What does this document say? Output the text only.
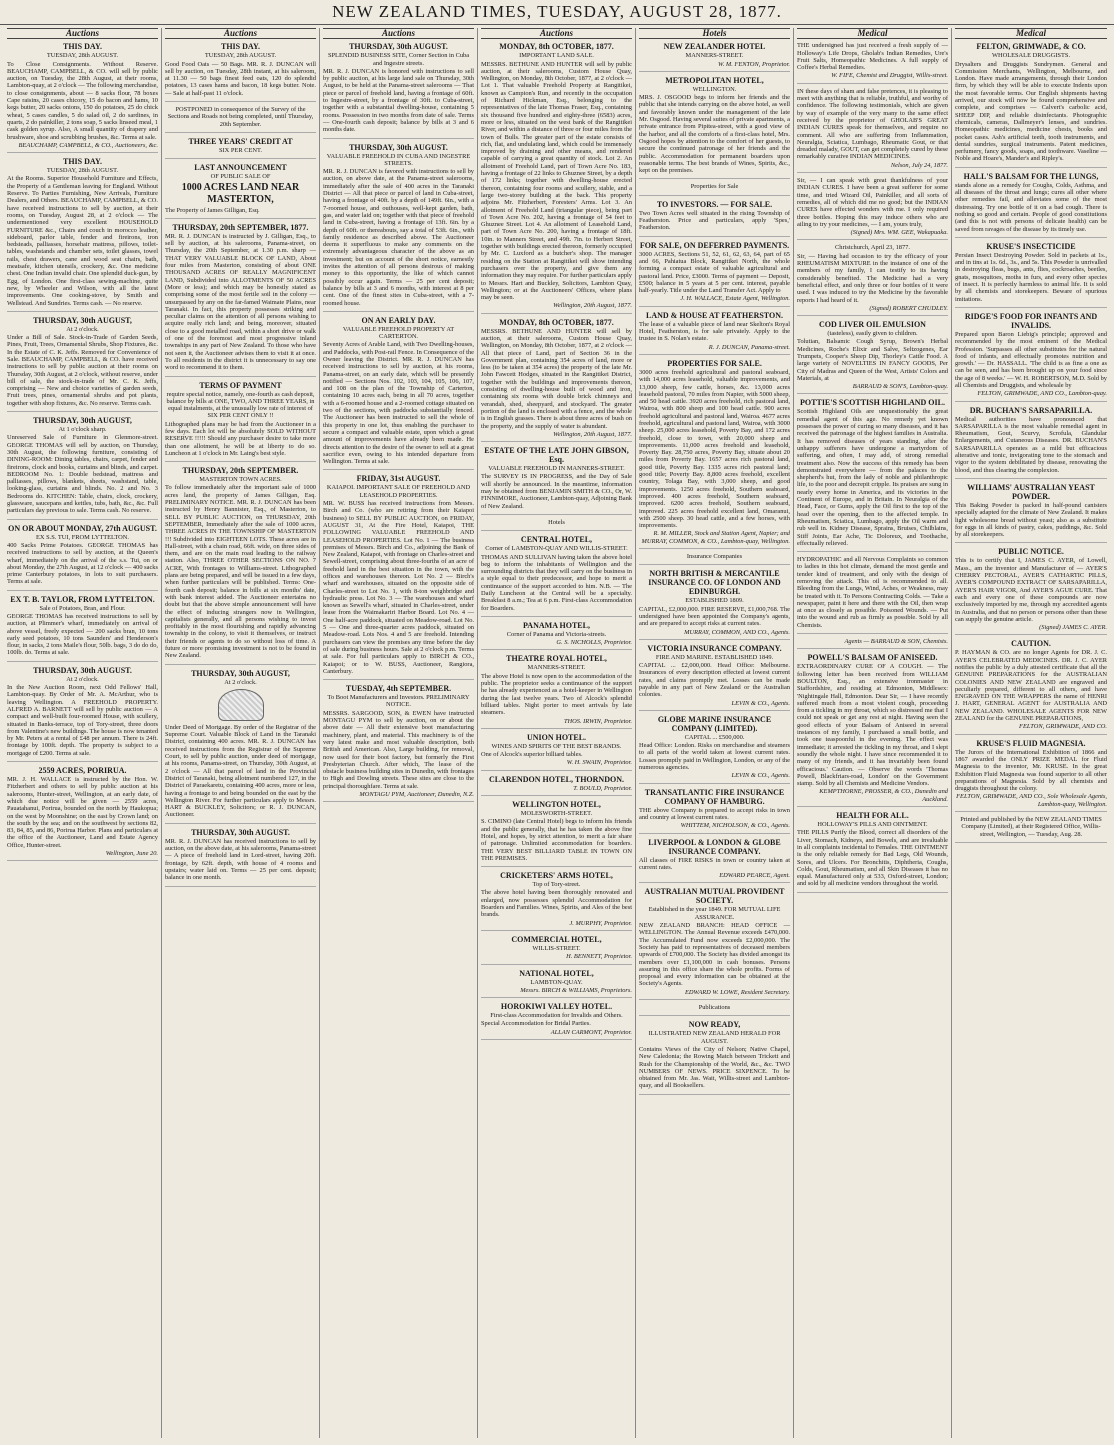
NEW ZEALAND TIMES, TUESDAY, AUGUST 28, 1877.
Auctions
THIS DAY.
TUESDAY, 28th AUGUST.

To Close Consignments. Without Reserve. BEAUCHAMP, CAMPBELL, & CO. will sell by public auction, on Tuesday, the 28th August, at their rooms, Lambton-quay, at 2 o'clock — The following merchandise, to close consignments, about — 8 sacks flour, 78 boxes Cape raisins, 20 cases chicory, 15 do bacon and hams, 10 kegs butter, 20 sacks onions, 150 do potatoes, 25 do chick wheat, 5 cases candles, 5 do salad oil, 2 do sardines, in quarts, 2 do painkiller, 2 tons soap, 5 sacks linseed meal, 1 cask golden syrup. Also, A small quantity of drapery and brushware, shoe and scrubbing brushes, &c. Terms at sale.

BEAUCHAMP, CAMPBELL, & CO., Auctioneers, &c.
THIS DAY.
TUESDAY, 28th AUGUST.

At the Rooms. Superior Household Furniture and Effects, the Property of a Gentleman leaving for England. Without Reserve. To Parties Furnishing, New Arrivals, Furniture Dealers, and Others. BEAUCHAMP, CAMPBELL, & CO. have received instructions to sell by auction, at their rooms, on Tuesday, August 28, at 2 o'clock — The undermentioned very excellent HOUSEHOLD FURNITURE &c., Chairs and couch in morocco leather, sideboard, parlor table, fender and fireirons, iron bedsteads, palliasses, horsehair mattress, pillows, toilet-tables, washstands and chamber sets, toilet glasses, towel rails, chest drawers, cane and wood seat chairs, bath, meatsafe, kitchen utensils, crockery, &c. One medicine chest. One Indian invalid chair. One splendid duck-gun, by Egg, of London. One first-class sewing-machine, quite new, by Wheeler and Wilson, with all the latest improvements. One cooking-stove, by Smith and Wellstead. And Sundries. Terms cash. — No reserve.

THURSDAY, 30th AUGUST,
At 2 o'clock.

Under a Bill of Sale. Stock-in-Trade of Garden Seeds, Pines, Fruit, Trees, Ornamental Shrubs, Shop Fixtures, &c. In the Estate of C. K. Jeffs. Removed for Convenience of Sale. BEAUCHAMP, CAMPBELL, & CO. have received instructions to sell by public auction at their rooms on Thursday, 30th August, at 2 o'clock, without reserve, under bill of sale, the stock-in-trade of Mr. C. K. Jeffs, comprising — New and choice varieties of garden seeds, Fruit trees, pines, ornamental shrubs and pot plants, together with shop fixtures, &c. No reserve. Terms cash.

THURSDAY, 30th AUGUST,
At 1 o'clock sharp.

Unreserved Sale of Furniture in Glenmore-street. GEORGE THOMAS will sell by auction, on Thursday, 30th August, the following furniture, consisting of DINING-ROOM: Dining tables, chairs, carpet, fender and fireirons, clock and books, curtains and blinds, and carpet. BEDROOM No. 1: Double bedstead, mattress and palliasses, pillows, blankets, sheets, washstand, table, looking-glass, curtains and blinds. No. 2 and No. 3 Bedrooms do. KITCHEN: Table, chairs, clock, crockery, glassware, saucepans and kettles, tubs, bath, &c., &c. Full particulars day previous to sale. Terms cash. No reserve.

ON OR ABOUT MONDAY, 27th AUGUST.
EX S.S. TUI, FROM LYTTELTON.

400 Sacks Prime Potatoes. GEORGE THOMAS has received instructions to sell by auction, at the Queen's wharf, immediately on the arrival of the s.s. Tui, on or about Monday, the 27th August, at 12 o'clock — 400 sacks prime Canterbury potatoes, in lots to suit purchasers. Terms at sale.

EX T. B. TAYLOR, FROM LYTTELTON.
Sale of Potatoes, Bran, and Flour.

GEORGE THOMAS has received instructions to sell by auction, at Plimmer's wharf, immediately on arrival of above vessel, freely expected — 200 sacks bran, 10 tons early seed potatoes, 10 tons Saunders' and Henderson's flour, in sacks, 2 tons Maile's flour, 50lb. bags, 3 do do do, 100lb. do. Terms at sale.

THURSDAY, 30th AUGUST.
At 2 o'clock.

In the New Auction Room, next Odd Fellows' Hall, Lambton-quay. By Order of Mr. A. McArthur, who is leaving Wellington. A FREEHOLD PROPERTY. ALFRED A. BARNETT will sell by public auction — A compact and well-built four-roomed House, with scullery, situated in Banks-terrace, top of Tory-street, three doors from Valentine's new buildings. The house is now tenanted by Mr. Peters at a rental of £48 per annum. There is 24ft. frontage by 100ft. depth. The property is subject to a mortgage of £200. Terms at sale.

2559 ACRES, PORIRUA.

MR. J. H. WALLACE is instructed by the Hon. W. Fitzherbert and others to sell by public auction at his salerooms, Hunter-street, Wellington, at an early date, of which due notice will be given — 2559 acres, Pauatahanui, Porirua, bounded on the north by Haukopua; on the west by Moonshine; on the east by Crown land; on the south by the sea; and on the southwest by sections 82, 83, 84, 85, and 86, Porirua Harbor. Plans and particulars at the office of the Auctioneer, Land and Estate Agency Office, Hunter-street.

Wellington, June 20.
Auctions
THIS DAY.
TUESDAY, 28th AUGUST.

Good Food Oats — 50 Bags. MR. R. J. DUNCAN will sell by auction, on Tuesday, 28th instant, at his saleroom, at 11.30 — 50 bags finest feed oats, 120 do splendid potatoes, 13 cases hams and bacon, 18 kegs butter. Note. — Sale at half-past 11 o'clock.

POSTPONED in consequence of the Survey of the Sections and Roads not being completed, until Thursday, 20th September.
THREE YEARS' CREDIT AT
SIX PER CENT.
LAST ANNOUNCEMENT
OF PUBLIC SALE OF
1000 ACRES LAND NEAR MASTERTON,

The Property of James Gilligan, Esq.

THURSDAY, 20th SEPTEMBER, 1877.

MR. R. J. DUNCAN is instructed by J. Gilligan, Esq., to sell by auction, at his salerooms, Panama-street, on Thursday, the 20th September, at 1.30 p.m. sharp — THAT VERY VALUABLE BLOCK OF LAND, About four miles from Masterton, consisting of about ONE THOUSAND ACRES OF REALLY MAGNIFICENT LAND, Subdivided into ALLOTMENTS OF 50 ACRES (More or less); and which may be honestly stated as comprising some of the most fertile soil in the colony — unsurpassed by any on the far-famed Waimate Plains, near Taranaki. In fact, this property possesses striking and peculiar claims on the attention of all persons wishing to acquire really rich land; and being, moreover, situated close to a good metalled road, within a short drive or walk of one of the foremost and most progressive inland townships in any part of New Zealand. To those who have not seen it, the Auctioneer advises them to visit it at once. To all residents in the district it is unnecessary to say one word to recommend it to them.

TERMS OF PAYMENT
require special notice, namely, one-fourth as cash deposit, balance by bills at ONE, TWO, AND THREE YEARS, in equal instalments, at the unusually low rate of interest of SIX PER CENT ONLY !!

Lithographed plans may be had from the Auctioneer in a few days. Each lot will be absolutely SOLD WITHOUT RESERVE !!!!! Should any purchaser desire to take more than one allotment, he will be at liberty to do so. Luncheon at 1 o'clock in Mr. Laing's best style.

THURSDAY, 20th SEPTEMBER.
MASTERTON TOWN ACRES.

To follow immediately after the important sale of 1000 acres land, the property of James Gilligan, Esq. PRELIMINARY NOTICE. MR. R. J. DUNCAN has been instructed by Henry Bannister, Esq., of Masterton, to SELL BY PUBLIC AUCTION, on THURSDAY, 20th SEPTEMBER, Immediately after the sale of 1000 acres, THREE ACRES IN THE TOWNSHIP OF MASTERTON !!! Subdivided into EIGHTEEN LOTS. These acres are in Hall-street, with a chain road, 66ft. wide, on three sides of them, and are on the main road leading to the railway station. Also, THREE OTHER SECTIONS ON NO. 7 ACRE, With frontages to Williams-street. Lithographed plans are being prepared, and will be issued in a few days, when further particulars will be published. Terms: One-fourth cash deposit; balance in bills at six months' date, with bank interest added. The Auctioneer entertains no doubt but that the above simple announcement will have the effect of inducing strangers now in Wellington, capitalists generally, and all persons wishing to invest profitably in the most flourishing and rapidly advancing township in the colony, to visit it themselves, or instruct their friends or agents to do so without loss of time. A future or more promising investment is not to be found in New Zealand.

THURSDAY, 30th AUGUST,
At 2 o'clock.

Under Deed of Mortgage. By order of the Registrar of the Supreme Court. Valuable Block of Land in the Taranaki District, containing 400 acres. MR. R. J. DUNCAN has received instructions from the Registrar of the Supreme Court, to sell by public auction, under deed of mortgage, at his rooms, Panama-street, on Thursday, 30th August, at 2 o'clock — All that parcel of land in the Provincial District of Taranaki, being allotment numbered 127, in the District of Paraekaretu, containing 400 acres, more or less, having a frontage to and being bounded on the east by the Wellington River. For further particulars apply to Messrs. HART & BUCKLEY, Solicitors; or R. J. DUNCAN, Auctioneer.

THURSDAY, 30th AUGUST.

MR. R. J. DUNCAN has received instructions to sell by auction, on the above date, at his salerooms, Panama-street — A piece of freehold land in Lord-street, having 20ft. frontage, by 62ft. depth, with house of 4 rooms and upstairs; water laid on. Terms — 25 per cent. deposit; balance in one month.

Auctions
THURSDAY, 30th AUGUST.
SPLENDID BUSINESS SITE, Corner Section in Cuba and Ingestre streets.

MR. R. J. DUNCAN is honored with instructions to sell by public auction, at his large land sale on Thursday, 30th August, to be held at the Panama-street salerooms — That piece or parcel of freehold land, having a frontage of 60ft. to Ingestre-street, by a frontage of 30ft. to Cuba-street, together with a substantial dwelling-house, containing 5 rooms. Possession in two months from date of sale. Terms — One-fourth cash deposit; balance by bills at 3 and 6 months date.

THURSDAY, 30th AUGUST.
VALUABLE FREEHOLD IN CUBA AND INGESTRE STREETS.

MR. R. J. DUNCAN is favored with instructions to sell by auction, on above date, at the Panama-street salerooms, immediately after the sale of 400 acres in the Taranaki District — All that piece or parcel of land in Cuba-street, having a frontage of 40ft. by a depth of 149ft. 6in., with a 7-roomed house, and outhouses, well-kept garden, bath, gas, and water laid on; together with that piece of freehold land in Cuba-street, having a frontage of 13ft. 6in. by a depth of 60ft. or thereabouts, say a total of 53ft. 6in., with family residence as described above. The Auctioneer deems it superfluous to make any comments on the extremely advantageous character of the above as an investment; but on account of the short notice, earnestly invites the attention of all persons desirous of making money to this opportunity, the like of which cannot possibly occur again. Terms — 25 per cent deposit; balance by bills at 3 and 6 months, with interest at 8 per cent. One of the finest sites in Cuba-street, with a 7-roomed house.

ON AN EARLY DAY.
VALUABLE FREEHOLD PROPERTY AT CARTERTON.

Seventy Acres of Arable Land, with Two Dwelling-houses, and Paddocks, with Post-rail Fence. In Consequence of the Owner leaving the District. MR. R. J. DUNCAN has received instructions to sell by auction, at his rooms, Panama-street, on an early date, which will be presently notified — Sections Nos. 102, 103, 104, 105, 106, 107, and 108 on the plan of the Township of Carterton, containing 10 acres each, being in all 70 acres, together with a 6-roomed house and a 2-roomed cottage situated on two of the sections, with paddocks substantially fenced. The Auctioneer has been instructed to sell the whole of this property in one lot, thus enabling the purchaser to secure a compact and valuable estate, upon which a great amount of improvements have already been made. He directs attention to the desire of the owner to sell at a great sacrifice even, owing to his intended departure from Wellington. Terms at sale.

FRIDAY, 31st AUGUST.
KAIAPOI. IMPORTANT SALE OF FREEHOLD AND LEASEHOLD PROPERTIES.

MR. W. BUSS has received instructions from Messrs. Birch and Co. (who are retiring from their Kaiapoi business) to SELL BY PUBLIC AUCTION, on FRIDAY, AUGUST 31, At the Fire Hotel, Kaiapoi, THE FOLLOWING VALUABLE FREEHOLD AND LEASEHOLD PROPERTIES. Lot No. 1 — The business premises of Messrs. Birch and Co., adjoining the Bank of New Zealand, Kaiapoi, with frontage on Charles-street and Sewell-street, comprising about three-fourths of an acre of freehold land in the best situation in the town, with the offices and warehouses thereon. Lot No. 2 — Birch's wharf and warehouses, situated on the opposite side of Charles-street to Lot No. 1, with 8-ton weighbridge and hydraulic press. Lot No. 3 — The warehouses and wharf known as Sewell's wharf, situated in Charles-street, under lease from the Waimakariri Harbor Board. Lot No. 4 — One half-acre paddock, situated on Meadow-road. Lot No. 5 — One and three-quarter acres paddock, situated on Meadow-road. Lots Nos. 4 and 5 are freehold. Intending purchasers can view the premises any time before the day of sale during business hours. Sale at 2 o'clock p.m. Terms at sale. For full particulars apply to BIRCH & CO., Kaiapoi; or to W. BUSS, Auctioneer, Rangiora, Canterbury.

TUESDAY, 4th SEPTEMBER.
To Boot Manufacturers and Investors. PRELIMINARY NOTICE.

MESSRS. SARGOOD, SON, & EWEN have instructed MONTAGU PYM to sell by auction, on or about the above date — All their extensive boot manufacturing machinery, plant, and material. This machinery is of the very latest make and most valuable description, both British and American. Also, Large building, for removal, now used for their boot factory, but formerly the First Presbyterian Church. After which, The lease of the obstacle business building sites in Dunedin, with frontages to High and Dowling streets. These sites are close to the principal thoroughfare. Terms at sale.

MONTAGU PYM, Auctioneer, Dunedin, N.Z.
Auctions
MONDAY, 8th OCTOBER, 1877.
IMPORTANT LAND SALE.

MESSRS. BETHUNE AND HUNTER will sell by public auction, at their salerooms, Custom House Quay, Wellington, on Monday, 8th October, 1877, at 2 o'clock — Lot 1. That valuable Freehold Property at Rangitikei, known as Campion's Run, and recently in the occupation of Richard Hickman, Esq., belonging to the representatives of the late Thomas Fraser, Esq., containing six thousand five hundred and eighty-three (6583) acres, more or less, situated on the west bank of the Rangitikei River, and within a distance of three or four miles from the town of Bulls. The greater part of the estate consists of rich, flat, and undulating land, which could be immensely improved by draining and other means, and rendered capable of carrying a great quantity of stock. Lot 2. An allotment of Freehold Land, part of Town Acre No. 183, having a frontage of 22 links to Ghuznee Street, by a depth of 172 links; together with dwelling-house erected thereon, containing four rooms and scullery, stable, and a large two-storey building at the back. This property adjoins Mr. Fitzherbert, Foresters' Arms. Lot 3. An allotment of Freehold Land (triangular piece), being part of Town Acre No. 202, having a frontage of 54 feet to Ghuznee Street. Lot 4. An allotment of Leasehold Land, part of Town Acre No. 200, having a frontage of 18ft. 10in. to Manners Street, and 49ft. 7in. to Herbert Street, together with buildings erected thereon, formerly occupied by Mr. C. Luxford as a butcher's shop. The manager residing on the Station at Rangitikei will show intending purchasers over the property, and give them any information they may require. For further particulars apply to Messrs. Hart and Buckley, Solicitors, Lambton Quay, Wellington; or at the Auctioneers' Offices, where plans may be seen.

Wellington, 20th August, 1877.
MONDAY, 8th OCTOBER, 1877.

MESSRS. BETHUNE AND HUNTER will sell by auction, at their salerooms, Custom House Quay, Wellington, on Monday, 8th October, 1877, at 2 o'clock — All that piece of Land, part of Section 36 in the Government plan, containing 354 acres of land, more or less (to be taken at 354 acres) the property of the late Mr. John Fawcett Hodges, situated in the Rangitikei District, together with the buildings and improvements thereon, consisting of dwelling-house built of wood and iron, containing six rooms with double brick chimneys and verandah, shed, sheepyard, and stockyard. The greater portion of the land is enclosed with a fence, and the whole is in English grasses. There is about three acres of bush on the property, and the supply of water is abundant.

Wellington, 20th August, 1877.
ESTATE OF THE LATE JOHN GIBSON, Esq.
VALUABLE FREEHOLD IN MANNERS-STREET.

The SURVEY IS IN PROGRESS, and the Day of Sale will shortly be announced. In the meantime, information may be obtained from BENJAMIN SMITH & CO., Or, W. FINNIMORE, Auctioneer, Lambton-quay, Adjoining Bank of New Zealand.

Hotels
CENTRAL HOTEL,
Corner of LAMBTON-QUAY AND WILLIS-STREET.

THOMAS AND SULLIVAN having taken the above hotel beg to inform the inhabitants of Wellington and the surrounding districts that they will carry on the business in a style equal to their predecessor, and hope to merit a continuance of the support accorded to him. N.B. — The Daily Luncheon at the Central will be a specialty. Breakfast 8 a.m.; Tea at 6 p.m. First-class Accommodation for Boarders.

PANAMA HOTEL,
Corner of Panama and Victoria-streets.
G. S. NICHOLLS, Proprietor.
THEATRE ROYAL HOTEL,
MANNERS-STREET.

The above Hotel is now open to the accommodation of the public. The proprietor seeks a continuance of the support he has already experienced as a hotel-keeper in Wellington during the last twelve years. Two of Alcock's splendid billiard tables. Night porter to meet arrivals by late steamers.

THOS. IRWIN, Proprietor.
UNION HOTEL.
WINES AND SPIRITS OF THE BEST BRANDS.

One of Alcock's superior billiard tables.

W. H. SWAIN, Proprietor.
CLARENDON HOTEL, THORNDON.
T. BOULD, Proprietor.
WELLINGTON HOTEL,
MOLESWORTH-STREET.

S. CIMINO (late Central Hotel) begs to inform his friends and the public generally, that he has taken the above fine Hotel, and hopes, by strict attention, to merit a fair share of patronage. Unlimited accommodation for boarders. THE VERY BEST BILLIARD TABLE IN TOWN ON THE PREMISES.

CRICKETERS' ARMS HOTEL,
Top of Tory-street.

The above hotel having been thoroughly renovated and enlarged, now possesses splendid Accommodation for Boarders and Families. Wines, Spirits, and Ales of the best brands.

J. MURPHY, Proprietor.
COMMERCIAL HOTEL,
WILLIS-STREET.
H. BENNETT, Proprietor.
NATIONAL HOTEL,
LAMBTON-QUAY.
Messrs. BIRCH & WILLIAMS, Proprietors.
HOROKIWI VALLEY HOTEL.
First-class Accommodation for Invalids and Others.

Special Accommodation for Bridal Parties.

ALLAN CARMONT, Proprietor.
Hotels
NEW ZEALANDER HOTEL
MANNERS-STREET.
W. M. FENTON, Proprietor.
METROPOLITAN HOTEL,
WELLINGTON.

MRS. J. OSGOOD begs to inform her friends and the public that she intends carrying on the above hotel, as well and favorably known under the management of the late Mr. Osgood. Having several suites of private apartments, a private entrance from Pipitea-street, with a good view of the harbor, and all the comforts of a first-class hotel, Mrs. Osgood hopes by attention to the comfort of her guests, to secure the continued patronage of her friends and the public. Accommodation for permanent boarders upon reasonable terms. The best brands of Wines, Spirits, &c., kept on the premises.

Properties for Sale
TO INVESTORS. — FOR SALE.

Two Town Acres well situated in the rising Township of Featherston. Price and particulars, apply 'Spes,' Featherston.

FOR SALE, ON DEFERRED PAYMENTS.

3000 ACRES, Sections 51, 52, 61, 62, 63, 64, part of 65 and 66, Pahiatua Block, Rangitikei North, the whole forming a compact estate of valuable agricultural and pastoral land. Price, £3000. Terms of payment — Deposit, £500; balance in 5 years at 5 per cent. interest, payable half-yearly. Title under the Land Transfer Act. Apply to

J. H. WALLACE, Estate Agent, Wellington.
LAND & HOUSE AT FEATHERSTON.

The lease of a valuable piece of land near Skelton's Royal Hotel, Featherston, is for sale privately. Apply to the trustee in S. Nolan's estate.

R. J. DUNCAN, Panama-street.
PROPERTIES FOR SALE.

3000 acres freehold agricultural and pastoral seaboard, with 14,000 acres leasehold, valuable improvements, and 13,000 sheep, few cattle, horses, &c. 13,000 acres leasehold pastoral, 70 miles from Napier, with 5000 sheep, and 50 head cattle. 3920 acres freehold, rich pastoral land, Wairoa, with 800 sheep and 100 head cattle. 900 acres freehold agricultural and pastoral land, Wairoa. 4677 acres freehold, agricultural and pastoral land, Wairoa, with 3000 sheep. 25,000 acres leasehold, Poverty Bay, and 172 acres freehold, close to town, with 20,000 sheep and improvements. 11,000 acres freehold and leasehold, Poverty Bay. 28,750 acres, Poverty Bay, situate about 20 miles from Poverty Bay. 1657 acres rich pastoral land, good title, Poverty Bay. 1335 acres rich pastoral land; good title; Poverty Bay. 8,800 acres freehold, excellent country, Tolaga Bay, with 3,000 sheep, and good improvements. 1250 acres freehold, Southern seaboard, improved. 400 acres freehold, Southern seaboard, improved. 6200 acres freehold, Southern seaboard, improved. 225 acres freehold excellent land, Omaranui, with 2500 sheep. 30 head cattle, and a few horses, with improvements.

R. M. MILLER, Stock and Station Agent, Napier; and MURRAY, COMMON, & CO., Lambton-quay, Wellington.
Insurance Companies
NORTH BRITISH & MERCANTILE INSURANCE CO. OF LONDON AND EDINBURGH.
ESTABLISHED 1809.

CAPITAL, £2,000,000. FIRE RESERVE, £1,000,768. The undersigned have been appointed the Company's agents, and are prepared to accept risks at current rates.

MURRAY, COMMON, AND CO., Agents.
VICTORIA INSURANCE COMPANY.
FIRE AND MARINE. ESTABLISHED 1849.

CAPITAL ... £2,000,000. Head Office: Melbourne. Insurances of every description effected at lowest current rates, and claims promptly met. Losses can be made payable in any part of New Zealand or the Australian colonies.

LEVIN & CO., Agents.
GLOBE MARINE INSURANCE COMPANY (LIMITED).
CAPITAL ... £500,000.

Head Office: London. Risks on merchandise and steamers to all parts of the world taken at lowest current rates. Losses promptly paid in Wellington, London, or any of the numerous agencies.

LEVIN & CO., Agents.
TRANSATLANTIC FIRE INSURANCE COMPANY OF HAMBURG.

THE above Company is prepared to accept risks in town and country at lowest current rates.

WHITTEM, NICHOLSON, & CO., Agents.
LIVERPOOL & LONDON & GLOBE INSURANCE COMPANY.

All classes of FIRE RISKS in town or country taken at current rates.

EDWARD PEARCE, Agent.
AUSTRALIAN MUTUAL PROVIDENT SOCIETY.
Established in the year 1849. FOR MUTUAL LIFE ASSURANCE.

NEW ZEALAND BRANCH: HEAD OFFICE — WELLINGTON. The Annual Revenue exceeds £470,000. The Accumulated Fund now exceeds £2,000,000. The Society has paid to representatives of deceased members upwards of £700,000. The Society has divided amongst its members over £1,100,000 in cash bonuses. Persons assuring in this office share the whole profits. Forms of proposal and every information can be obtained at the Society's Agents.

EDWARD W. LOWE, Resident Secretary.
Publications
NOW READY,
ILLUSTRATED NEW ZEALAND HERALD FOR AUGUST.

Contains Views of the City of Nelson; Native Chapel, New Caledonia; the Rowing Match between Trickett and Rush for the Championship of the World, &c., &c. TWO NUMBERS OF NEWS. PRICE SIXPENCE. To be obtained from Mr. Jas. Wait, Willis-street and Lambton-quay, and all Booksellers.

Medical

THE undersigned has just received a fresh supply of — Holloway's Life Drops, Gholab's Indian Remedies, Ure's Fruit Salts, Homeopathic Medicines. A full supply of Coffee's Herbal Remedies.

W. FIFE, Chemist and Druggist, Willis-street.

IN these days of sham and false pretences, it is pleasing to meet with anything that is reliable, truthful, and worthy of confidence. The following testimonials, which are given by way of example of the very many to the same effect received by the proprietor of GHOLAB'S GREAT INDIAN CURES speak for themselves, and require no comment. All who are suffering from Inflammation, Neuralgia, Sciatica, Lumbago, Rheumatic Gout, or that dreaded malady, GOUT, can get completely cured by these remarkably curative INDIAN MEDICINES.

Nelson, July 24, 1877.

Sir, — I can speak with great thankfulness of your INDIAN CURES. I have been a great sufferer for some time, and tried Wizard Oil, Painkiller, and all sorts of remedies, all of which did me no good; but the INDIAN CURES have effected wonders with me. I only required three bottles. Hoping this may induce others who are ailing to try your medicines, — I am, yours truly,

(Signed) Mrs. WM. GEE, Wakapuaka.
Christchurch, April 23, 1877.

Sir, — Having had occasion to try the efficacy of your RHEUMATISM MIXTURE in the instance of one of the members of my family, I can testify to its having considerably benefited. The Medicine had a very beneficial effect, and only three or four bottles of it were used. I was induced to try the Medicine by the favorable reports I had heard of it.

(Signed) ROBERT CHUDLEY.
COD LIVER OIL EMULSION
(tasteless), easily given to children.

Tolutian, Balsamic Cough Syrup, Brown's Herbal Medicines, Roche's Elixir and Salve, Seltzogenes, Ear Trumpets, Cooper's Sheep Dip, Thorley's Cattle Food. A large variety of NOVELTIES IN FANCY GOODS, Per City of Madras and Queen of the West, Artists' Colors and Materials, at

BARRAUD & SON'S, Lambton-quay.
POTTIE'S SCOTTISH HIGHLAND OIL.

Scottish Highland Oils are unquestionably the great remedial agent of this age. No remedy yet known possesses the power of curing so many diseases, and it has received the patronage of the highest families in Australia. It has removed diseases of years standing, after the unhappy sufferers have undergone a martyrdom of suffering, and often, I may add, of strong remedial treatment also. Now the success of this remedy has been demonstrated everywhere — from the palaces to the shepherd's hut, from the lady of noble and philanthropic life, to the poor and decrepit cripple. Its praises are sung in nearly every home in America, and its victories in the Continent of Europe, and in Britain. In Neuralgia of the Head, Face, or Gums, apply the Oil first to the top of the head over the opening, then to the affected temple. In Rheumatism, Sciatica, Lumbago, apply the Oil warm and rub well in. Kidney Disease, Sprains, Bruises, Chilblains, Stiff Joints, Ear Ache, Tic Doloreux, and Toothache, effectually relieved.

HYDROPATHIC and all Nervous Complaints so common to ladies in this hot climate, demand the most gentle and tender kind of treatment, and only with the design of removing the attack. This oil is recommended to all. Bleeding from the Lungs, Wind, Aches, or Weakness, may be treated with it. To Persons Contracting Colds. — Take a newspaper, paint it here and there with the Oil, then wrap at once as closely as possible. Poisoned Wounds. — Put into the wound and rub as firmly as possible. Sold by all Chemists.

Agents — BARRAUD & SON, Chemists.
POWELL'S BALSAM OF ANISEED.

EXTRAORDINARY CURE OF A COUGH. — The following letter has been received from WILLIAM BOULTON, Esq., an extensive ironmaster in Staffordshire, and residing at Edmonton, Middlesex: 'Nightingale Hall, Edmonton. Dear Sir, — I have recently suffered much from a most violent cough, proceeding from a tickling in my throat, which so distressed me that I could not speak or get any rest at night. Having seen the good effects of your Balsam of Aniseed in several instances of my family, I purchased a small bottle, and took one teaspoonful in the evening. The effect was immediate; it arrested the tickling in my throat, and I slept soundly the whole night. I have since recommended it to many of my friends, and it has invariably been found efficacious.' Caution. — Observe the words 'Thomas Powell, Blackfriars-road, London' on the Government stamp. Sold by all Chemists and Medicine Vendors.

KEMPTHORNE, PROSSER, & CO., Dunedin and Auckland.
HEALTH FOR ALL.
HOLLOWAY'S PILLS AND OINTMENT.

THE PILLS Purify the Blood, correct all disorders of the Liver, Stomach, Kidneys, and Bowels, and are invaluable in all complaints incidental to Females. THE OINTMENT is the only reliable remedy for Bad Legs, Old Wounds, Sores, and Ulcers. For Bronchitis, Diphtheria, Coughs, Colds, Gout, Rheumatism, and all Skin Diseases it has no equal. Manufactured only at 533, Oxford-street, London; and sold by all medicine vendors throughout the world.

Medical
FELTON, GRIMWADE, & CO.
WHOLESALE DRUGGISTS.

Drysalters and Druggists Sundrymen. General and Commission Merchants, Wellington, Melbourne, and London. Have made arrangements, through their London firm, by which they will be able to execute Indents upon the most favorable terms. Our English shipments having arrived, our stock will now be found comprehensive and complete, and comprises — Calvert's carbolic acid, SHEEP DIP, and reliable disinfectants. Photographic chemicals, cameras, Dallmeyer's lenses, and sundries. Homeopathic medicines, medicine chests, books and pocket cases. Ash's artificial teeth, tooth instruments, and dental sundries, surgical instruments. Patent medicines, perfumery, fancy goods, soaps, and toothware. Vaseline — Noble and Hoare's, Mander's and Ripley's.

HALL'S BALSAM FOR THE LUNGS,

stands alone as a remedy for Coughs, Colds, Asthma, and all diseases of the throat and lungs; cures all other where other remedies fail, and alleviates some of the most distressing. Try one bottle of it on a bad cough. There is nothing so good and certain. People of good constitutions (and this is not with persons of delicate health) can be saved from ravages of the disease by its timely use.

KRUSE'S INSECTICIDE

Persian Insect Destroying Powder. Sold in packets at 1s., and in tins at 1s. 6d., 3s., and 5s. This Powder is unrivalled in destroying fleas, bugs, ants, flies, cockroaches, beetles, gnats, mosquitoes, moths in furs, and every other species of insect. It is perfectly harmless to animal life. It is sold by all chemists and storekeepers. Beware of spurious imitations.

RIDGE'S FOOD FOR INFANTS AND INVALIDS.

Prepared upon Baron Liebig's principle; approved and recommended by the most eminent of the Medical Profession. 'Surpasses all other substitutes for the natural food of infants, and effectually promotes nutrition and growth.' — Dr. HASSALL. 'The child is as fine a one as can be seen, and has been brought up on your food since the age of 8 weeks.' — W. H. ROBERTSON, M.D. Sold by all Chemists and Druggists, and wholesale by

FELTON, GRIMWADE, AND CO., Lambton-quay.
DR. BUCHAN'S SARSAPARILLA.

Medical authorities have pronounced that SARSAPARILLA is the most valuable remedial agent in Rheumatism, Gout, Scurvy, Scrofula, Glandular Enlargements, and Cutaneous Diseases. DR. BUCHAN'S SARSAPARILLA operates as a mild but efficacious alterative and tonic, invigorating tone to the stomach and vigor to the system debilitated by disease, renovating the blood, and thus clearing the complexion.

WILLIAMS' AUSTRALIAN YEAST POWDER.

This Baking Powder is packed in half-pound canisters specially adapted for the climate of New Zealand. It makes light wholesome bread without yeast; also as a substitute for eggs in all kinds of pastry, cakes, puddings, &c. Sold by all storekeepers.

PUBLIC NOTICE.

This is to certify that I, JAMES C. AYER, of Lowell, Mass., am the inventor and Manufacturer of — AYER'S CHERRY PECTORAL, AYER'S CATHARTIC PILLS, AYER'S COMPOUND EXTRACT OF SARSAPARILLA, AYER'S HAIR VIGOR, And AYER'S AGUE CURE. That each and every one of these compounds are now exclusively imported by me, through my accredited agents in Australia, and that no person or persons other than these can supply the genuine article.

(Signed) JAMES C. AYER.
CAUTION.

P. HAYMAN & CO. are no longer Agents for DR. J. C. AYER'S CELEBRATED MEDICINES. DR. J. C. AYER notifies the public by a duly attested certificate that all the GENUINE PREPARATIONS for the AUSTRALIAN COLONIES AND NEW ZEALAND are engraved and peculiarly prepared, different to all others, and have ENGRAVED ON THE WRAPPERS the name of HENRI J. HART, GENERAL AGENT for AUSTRALIA AND NEW ZEALAND. WHOLESALE AGENTS FOR NEW ZEALAND for the GENUINE PREPARATIONS,

FELTON, GRIMWADE, AND CO.
KRUSE'S FLUID MAGNESIA.

The Jurors of the International Exhibition of 1866 and 1867 awarded the ONLY PRIZE MEDAL for Fluid Magnesia to the inventor, Mr. KRUSE. In the great Exhibition Fluid Magnesia was found superior to all other preparations of Magnesia. Sold by all chemists and druggists throughout the colony.

FELTON, GRIMWADE, AND CO., Sole Wholesale Agents, Lambton-quay, Wellington.
Printed and published by the NEW ZEALAND TIMES Company (Limited), at their Registered Office, Willis-street, Wellington, — Tuesday, Aug. 28.
